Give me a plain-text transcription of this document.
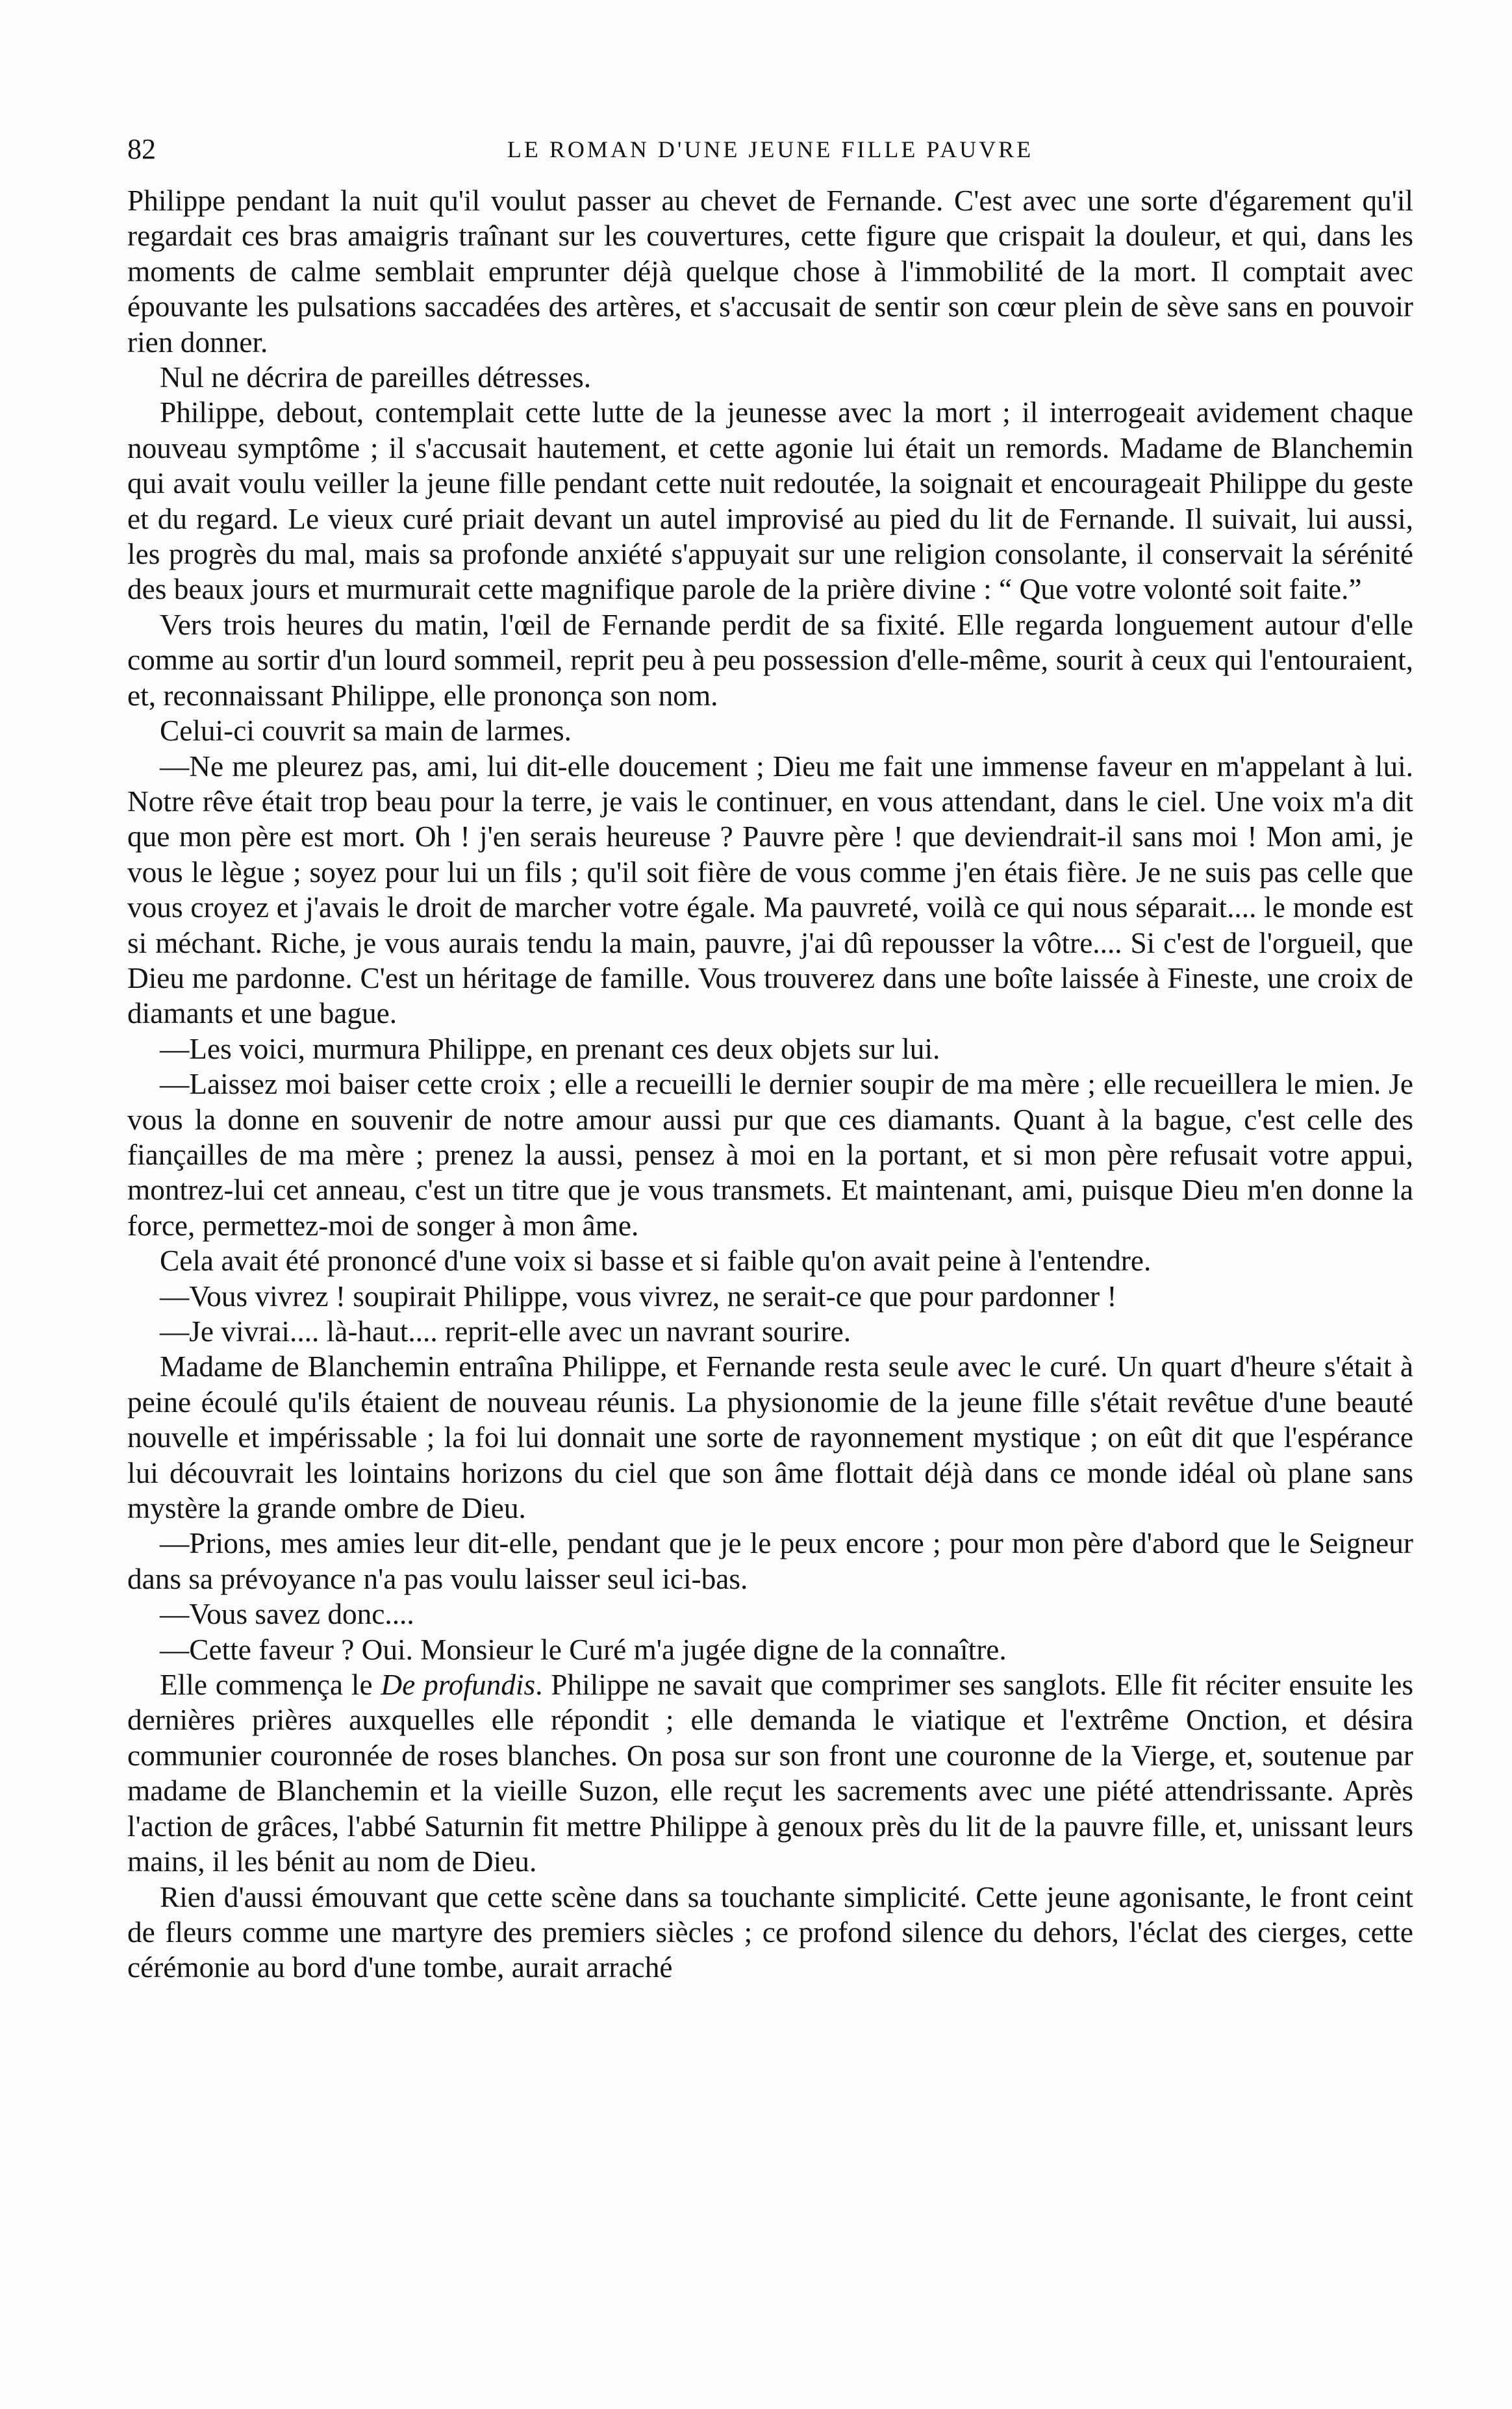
82	LE ROMAN D'UNE JEUNE FILLE PAUVRE

Philippe pendant la nuit qu'il voulut passer au chevet de Fernande. C'est avec une sorte d'égarement qu'il regardait ces bras amaigris traînant sur les couvertures, cette figure que crispait la douleur, et qui, dans les moments de calme semblait emprunter déjà quelque chose à l'immobilité de la mort. Il comptait avec épouvante les pulsations saccadées des artères, et s'accusait de sentir son cœur plein de sève sans en pouvoir rien donner.

Nul ne décrira de pareilles détresses.

Philippe, debout, contemplait cette lutte de la jeunesse avec la mort ; il interrogeait avidement chaque nouveau symptôme ; il s'accusait hautement, et cette agonie lui était un remords. Madame de Blanchemin qui avait voulu veiller la jeune fille pendant cette nuit redoutée, la soignait et encourageait Philippe du geste et du regard. Le vieux curé priait devant un autel improvisé au pied du lit de Fernande. Il suivait, lui aussi, les progrès du mal, mais sa profonde anxiété s'appuyait sur une religion consolante, il conservait la sérénité des beaux jours et murmurait cette magnifique parole de la prière divine : “ Que votre volonté soit faite.”

Vers trois heures du matin, l'œil de Fernande perdit de sa fixité. Elle regarda longuement autour d'elle comme au sortir d'un lourd sommeil, reprit peu à peu possession d'elle-même, sourit à ceux qui l'entouraient, et, reconnaissant Philippe, elle prononça son nom.

Celui-ci couvrit sa main de larmes.

—Ne me pleurez pas, ami, lui dit-elle doucement ; Dieu me fait une immense faveur en m'appelant à lui. Notre rêve était trop beau pour la terre, je vais le continuer, en vous attendant, dans le ciel. Une voix m'a dit que mon père est mort. Oh ! j'en serais heureuse ? Pauvre père ! que deviendrait-il sans moi ! Mon ami, je vous le lègue ; soyez pour lui un fils ; qu'il soit fière de vous comme j'en étais fière. Je ne suis pas celle que vous croyez et j'avais le droit de marcher votre égale. Ma pauvreté, voilà ce qui nous séparait.... le monde est si méchant. Riche, je vous aurais tendu la main, pauvre, j'ai dû repousser la vôtre.... Si c'est de l'orgueil, que Dieu me pardonne. C'est un héritage de famille. Vous trouverez dans une boîte laissée à Fineste, une croix de diamants et une bague.

—Les voici, murmura Philippe, en prenant ces deux objets sur lui.

—Laissez moi baiser cette croix ; elle a recueilli le dernier soupir de ma mère ; elle recueillera le mien. Je vous la donne en souvenir de notre amour aussi pur que ces diamants. Quant à la bague, c'est celle des fiançailles de ma mère ; prenez la aussi, pensez à moi en la portant, et si mon père refusait votre appui, montrez-lui cet anneau, c'est un titre que je vous transmets. Et maintenant, ami, puisque Dieu m'en donne la force, permettez-moi de songer à mon âme.

Cela avait été prononcé d'une voix si basse et si faible qu'on avait peine à l'entendre.

—Vous vivrez ! soupirait Philippe, vous vivrez, ne serait-ce que pour pardonner !

—Je vivrai.... là-haut.... reprit-elle avec un navrant sourire.

Madame de Blanchemin entraîna Philippe, et Fernande resta seule avec le curé. Un quart d'heure s'était à peine écoulé qu'ils étaient de nouveau réunis. La physionomie de la jeune fille s'était revêtue d'une beauté nouvelle et impérissable ; la foi lui donnait une sorte de rayonnement mystique ; on eût dit que l'espérance lui découvrait les lointains horizons du ciel que son âme flottait déjà dans ce monde idéal où plane sans mystère la grande ombre de Dieu.

—Prions, mes amies leur dit-elle, pendant que je le peux encore ; pour mon père d'abord que le Seigneur dans sa prévoyance n'a pas voulu laisser seul ici-bas.

—Vous savez donc....

—Cette faveur ? Oui. Monsieur le Curé m'a jugée digne de la connaître.

Elle commença le De profundis. Philippe ne savait que comprimer ses sanglots. Elle fit réciter ensuite les dernières prières auxquelles elle répondit ; elle demanda le viatique et l'extrême Onction, et désira communier couronnée de roses blanches. On posa sur son front une couronne de la Vierge, et, soutenue par madame de Blanchemin et la vieille Suzon, elle reçut les sacrements avec une piété attendrissante. Après l'action de grâces, l'abbé Saturnin fit mettre Philippe à genoux près du lit de la pauvre fille, et, unissant leurs mains, il les bénit au nom de Dieu.

Rien d'aussi émouvant que cette scène dans sa touchante simplicité. Cette jeune agonisante, le front ceint de fleurs comme une martyre des premiers siècles ; ce profond silence du dehors, l'éclat des cierges, cette cérémonie au bord d'une tombe, aurait arraché
